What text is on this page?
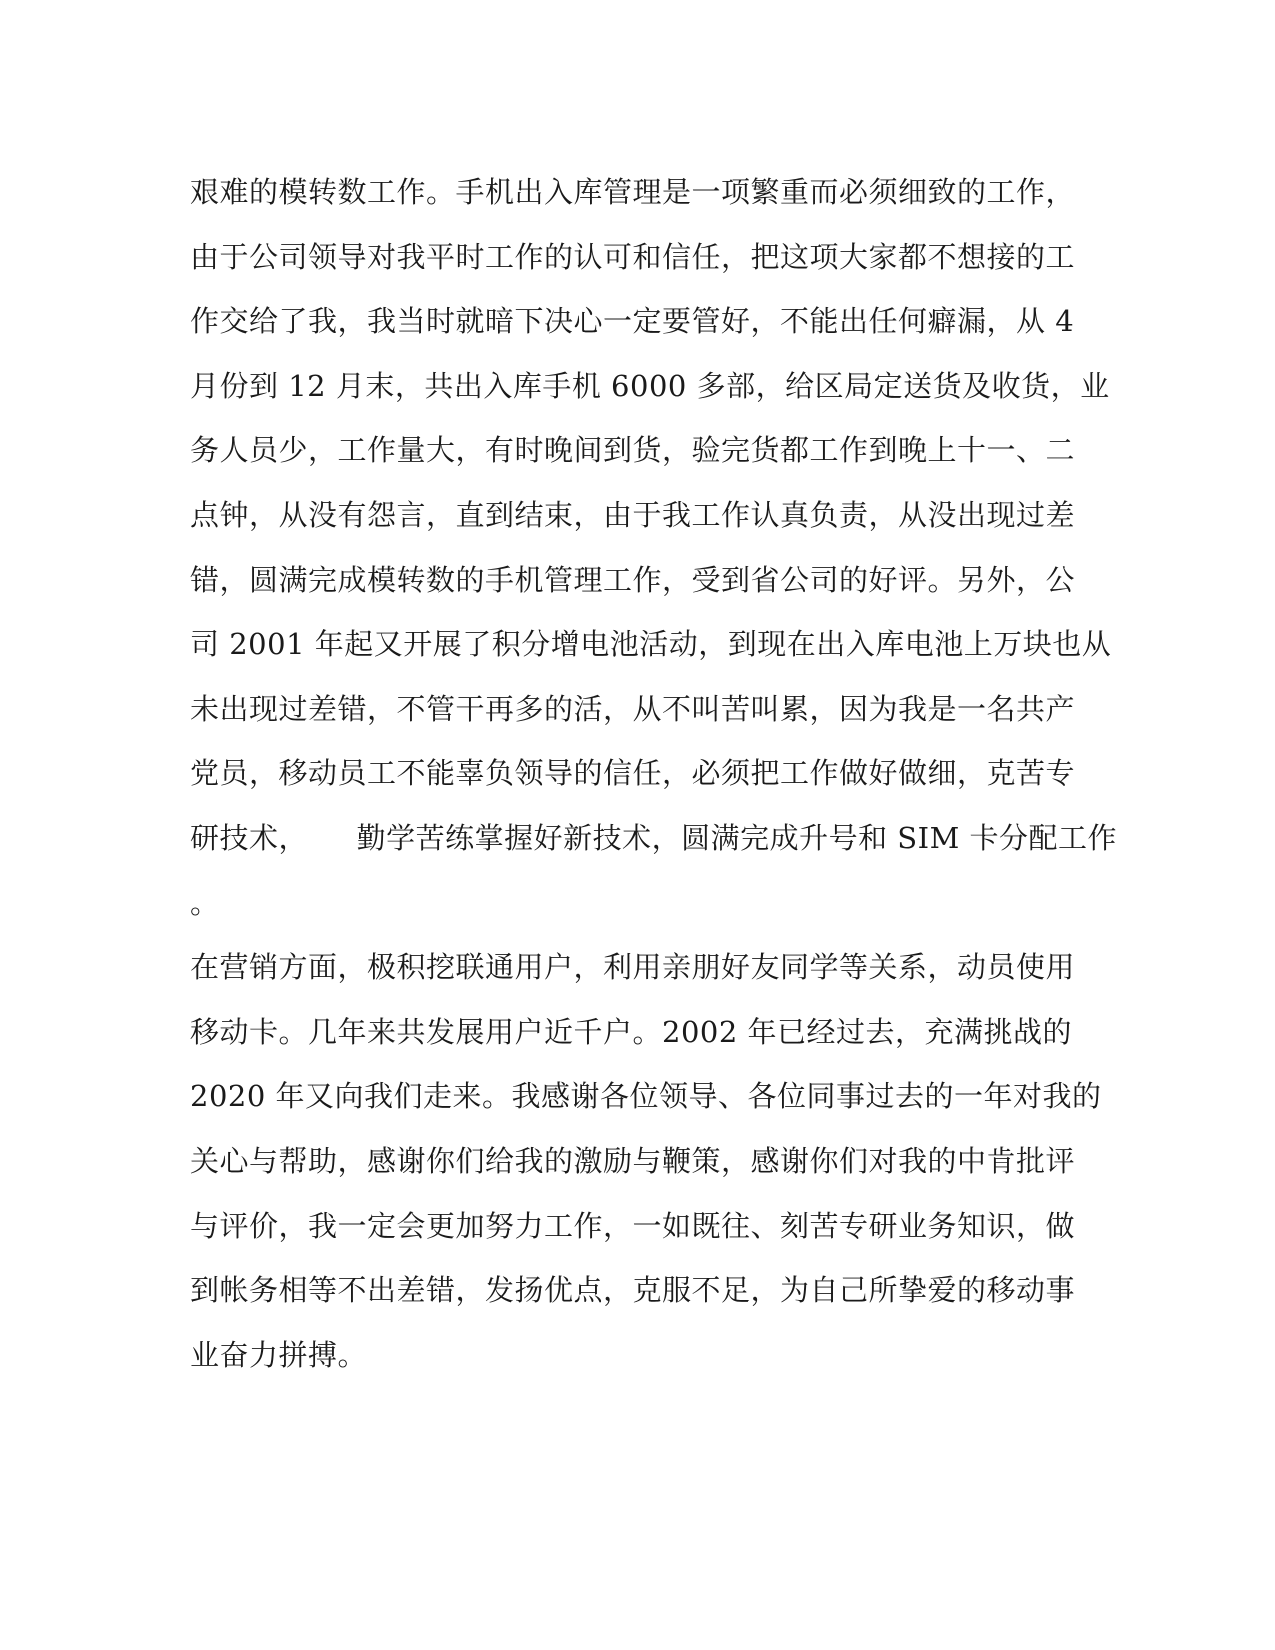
艰难的模转数工作。手机出入库管理是一项繁重而必须细致的工作，
由于公司领导对我平时工作的认可和信任，把这项大家都不想接的工
作交给了我，我当时就暗下决心一定要管好，不能出任何癖漏，从 4
月份到 12 月末，共出入库手机 6000 多部，给区局定送货及收货，业
务人员少，工作量大，有时晚间到货，验完货都工作到晚上十一、二
点钟，从没有怨言，直到结束，由于我工作认真负责，从没出现过差
错，圆满完成模转数的手机管理工作，受到省公司的好评。另外，公
司 2001 年起又开展了积分增电池活动，到现在出入库电池上万块也从
未出现过差错，不管干再多的活，从不叫苦叫累，因为我是一名共产
党员，移动员工不能辜负领导的信任，必须把工作做好做细，克苦专
研技术，     勤学苦练掌握好新技术，圆满完成升号和 SIM 卡分配工作
。
在营销方面，极积挖联通用户，利用亲朋好友同学等关系，动员使用
移动卡。几年来共发展用户近千户。2002 年已经过去，充满挑战的
2020 年又向我们走来。我感谢各位领导、各位同事过去的一年对我的
关心与帮助，感谢你们给我的激励与鞭策，感谢你们对我的中肯批评
与评价，我一定会更加努力工作，一如既往、刻苦专研业务知识，做
到帐务相等不出差错，发扬优点，克服不足，为自己所挚爱的移动事
业奋力拼搏。
